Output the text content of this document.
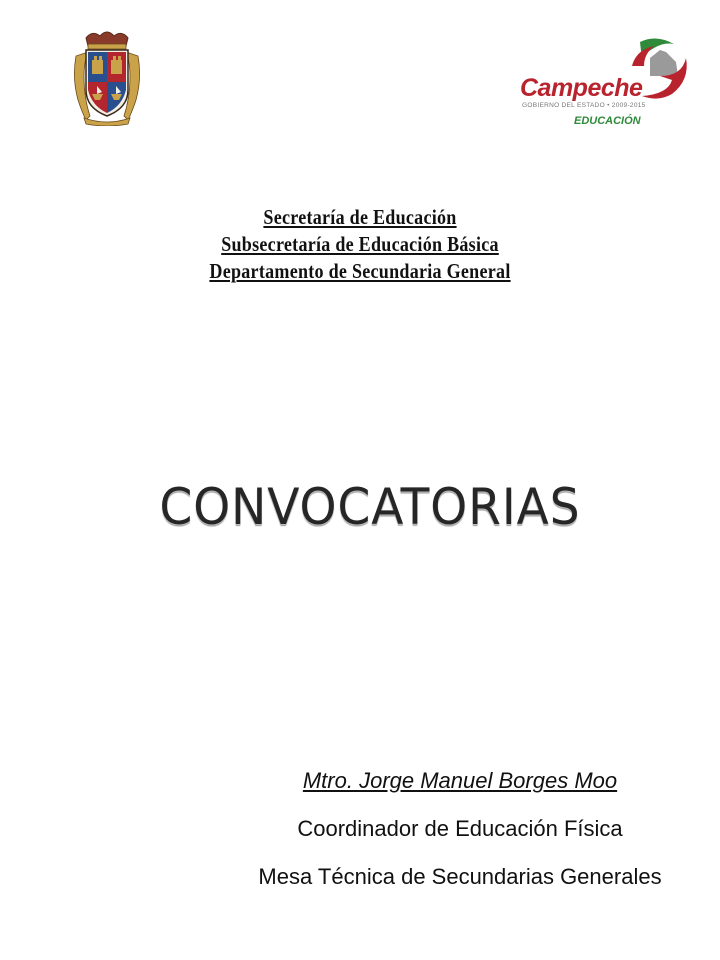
Campeche
GOBIERNO DEL ESTADO • 2009-2015
EDUCACIÓN
Secretaría de Educación
Subsecretaría de Educación Básica
Departamento de Secundaria General
CONVOCATORIAS
Mtro. Jorge Manuel Borges Moo
Coordinador de Educación Física
Mesa Técnica de Secundarias Generales
